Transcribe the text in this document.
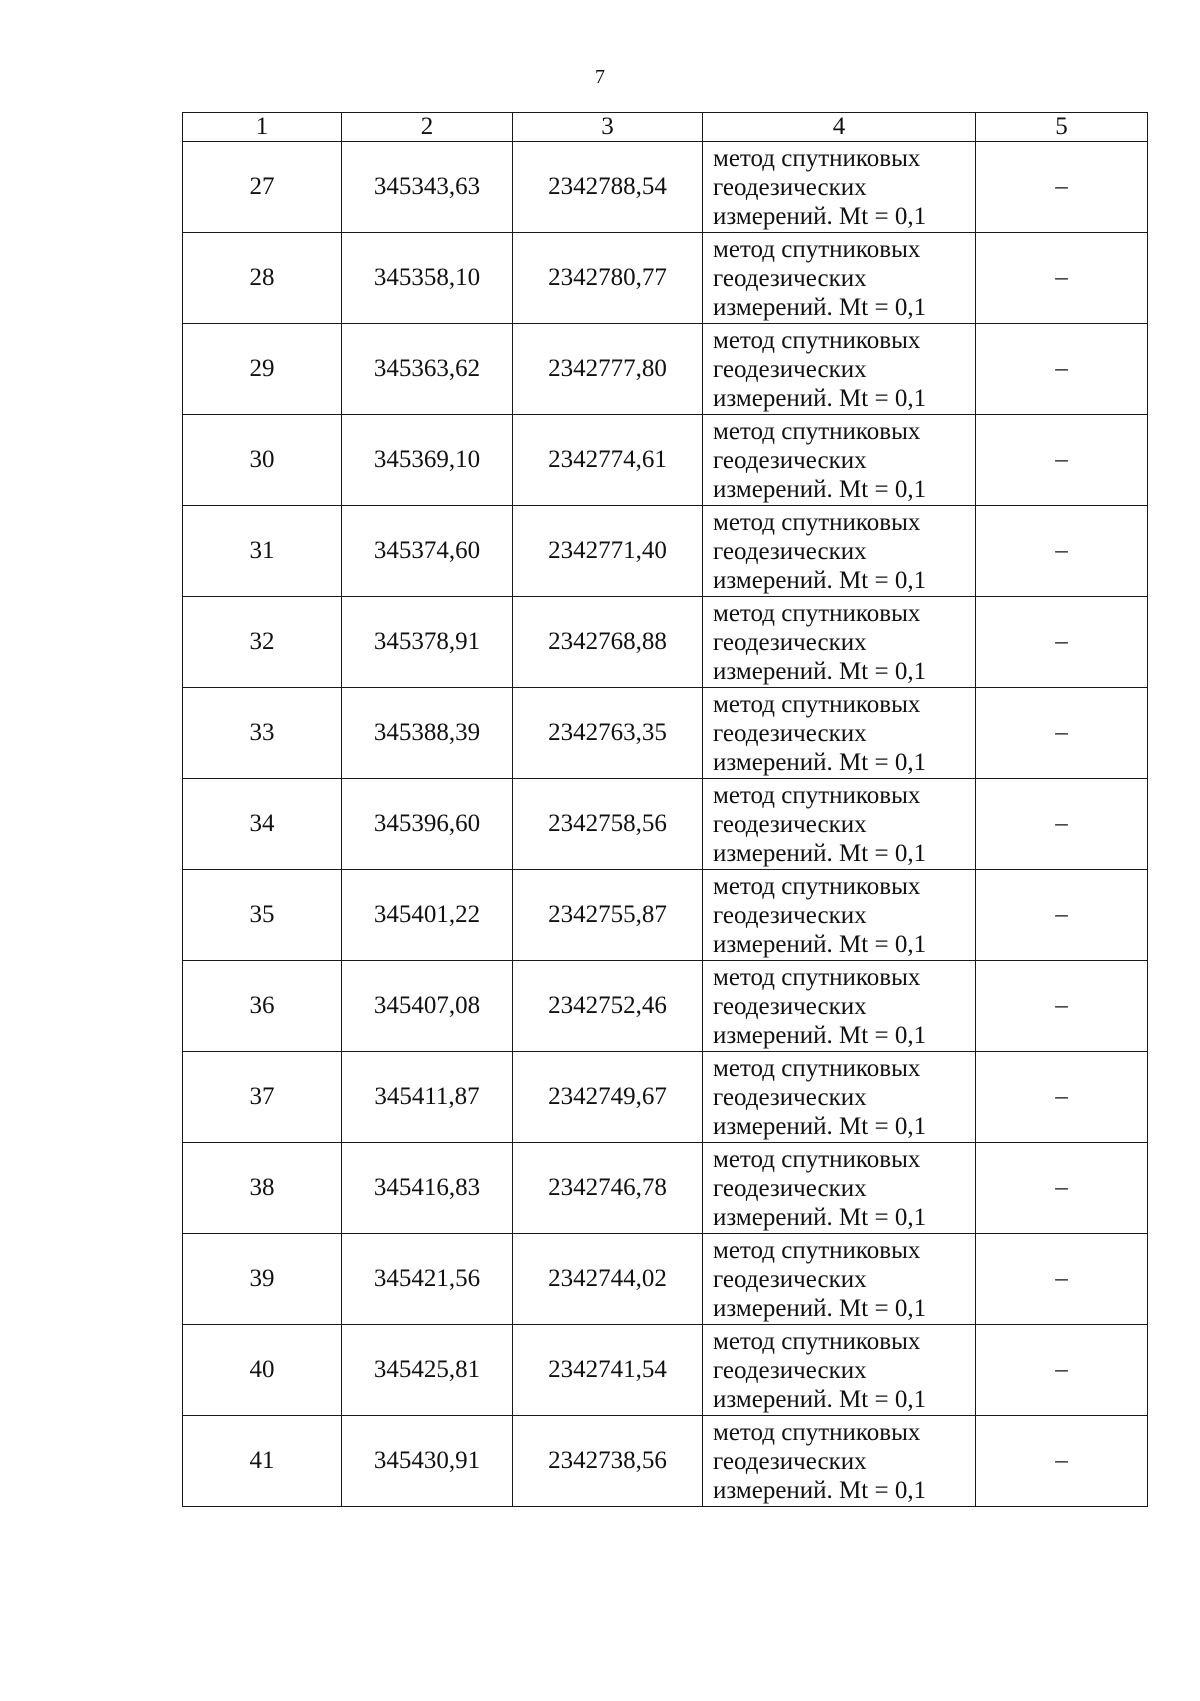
7
1	2	3	4	5
27	345343,63	2342788,54	метод спутниковых
геодезических
измерений. Mt = 0,1	–
28	345358,10	2342780,77	метод спутниковых
геодезических
измерений. Mt = 0,1	–
29	345363,62	2342777,80	метод спутниковых
геодезических
измерений. Mt = 0,1	–
30	345369,10	2342774,61	метод спутниковых
геодезических
измерений. Mt = 0,1	–
31	345374,60	2342771,40	метод спутниковых
геодезических
измерений. Mt = 0,1	–
32	345378,91	2342768,88	метод спутниковых
геодезических
измерений. Mt = 0,1	–
33	345388,39	2342763,35	метод спутниковых
геодезических
измерений. Mt = 0,1	–
34	345396,60	2342758,56	метод спутниковых
геодезических
измерений. Mt = 0,1	–
35	345401,22	2342755,87	метод спутниковых
геодезических
измерений. Mt = 0,1	–
36	345407,08	2342752,46	метод спутниковых
геодезических
измерений. Mt = 0,1	–
37	345411,87	2342749,67	метод спутниковых
геодезических
измерений. Mt = 0,1	–
38	345416,83	2342746,78	метод спутниковых
геодезических
измерений. Mt = 0,1	–
39	345421,56	2342744,02	метод спутниковых
геодезических
измерений. Mt = 0,1	–
40	345425,81	2342741,54	метод спутниковых
геодезических
измерений. Mt = 0,1	–
41	345430,91	2342738,56	метод спутниковых
геодезических
измерений. Mt = 0,1	–
